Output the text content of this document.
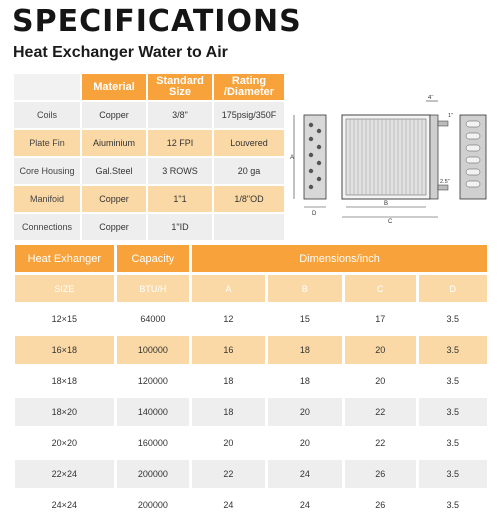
SPECIFICATIONS
Heat Exchanger Water to Air
	Material	Standard Size	Rating /Diameter
Coils	Copper	3/8"	175psig/350F
Plate Fin	Aiuminium	12 FPI	Louvered
Core Housing	Gal.Steel	3 ROWS	20 ga
Manifoid	Copper	1"1	1/8"OD
Connections	Copper	1"ID	
A
D
B
C
4"
1"
2.5"
Heat Exhanger	Capacity	Dimensions/inch			
SIZE	BTU/H	A	B	C	D
12×15	64000	12	15	17	3.5
16×18	100000	16	18	20	3.5
18×18	120000	18	18	20	3.5
18×20	140000	18	20	22	3.5
20×20	160000	20	20	22	3.5
22×24	200000	22	24	26	3.5
24×24	200000	24	24	26	3.5
